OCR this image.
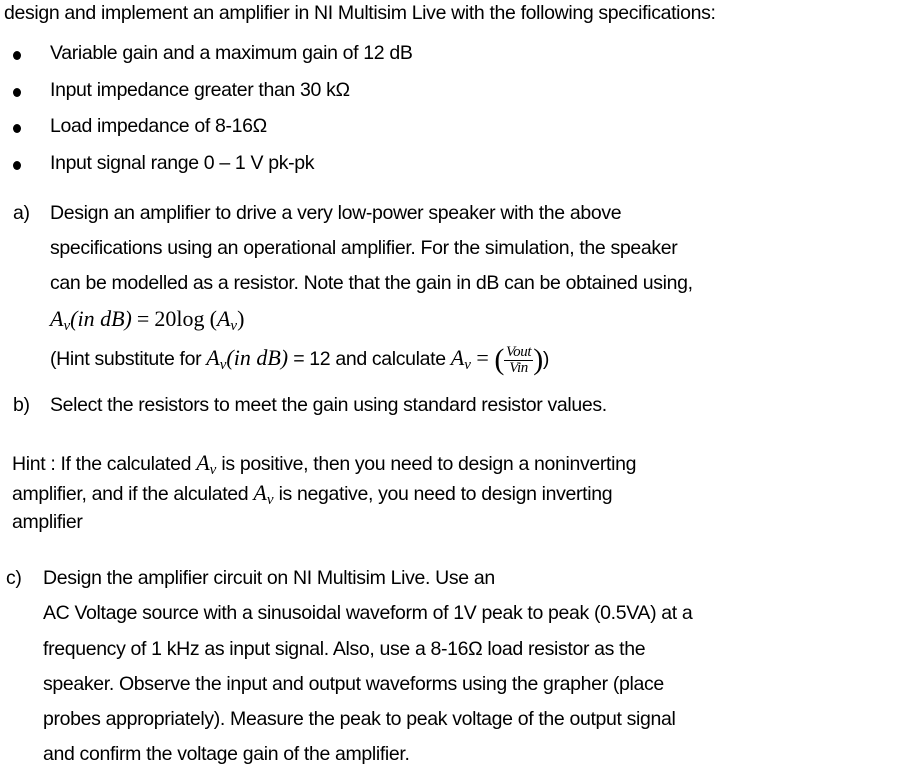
design and implement an amplifier in NI Multisim Live with the following specifications:
Variable gain and a maximum gain of 12 dB
Input impedance greater than 30 kΩ
Load impedance of 8-16Ω
Input signal range 0 – 1 V pk-pk
a) Design an amplifier to drive a very low-power speaker with the above
specifications using an operational amplifier. For the simulation, the speaker
can be modelled as a resistor. Note that the gain in dB can be obtained using,
$A_v(in$ dB) = 20log $(A_v)$
(Hint substitute for $A_v(in$ dB) = 12 and calculate $A_v$ = ( $\frac{\text{Vout}}{\text{Vin}}$ ))
b) Select the resistors to meet the gain using standard resistor values.
Hint : If the calculated $A_v$ is positive, then you need to design a noninverting
amplifier, and if the alculated $A_v$ is negative, you need to design inverting
amplifier
c) Design the amplifier circuit on NI Multisim Live. Use an
AC Voltage source with a sinusoidal waveform of 1V peak to peak (0.5VA) at a
frequency of 1 kHz as input signal. Also, use a 8-16Ω load resistor as the
speaker. Observe the input and output waveforms using the grapher (place
probes appropriately). Measure the peak to peak voltage of the output signal
and confirm the voltage gain of the amplifier.
